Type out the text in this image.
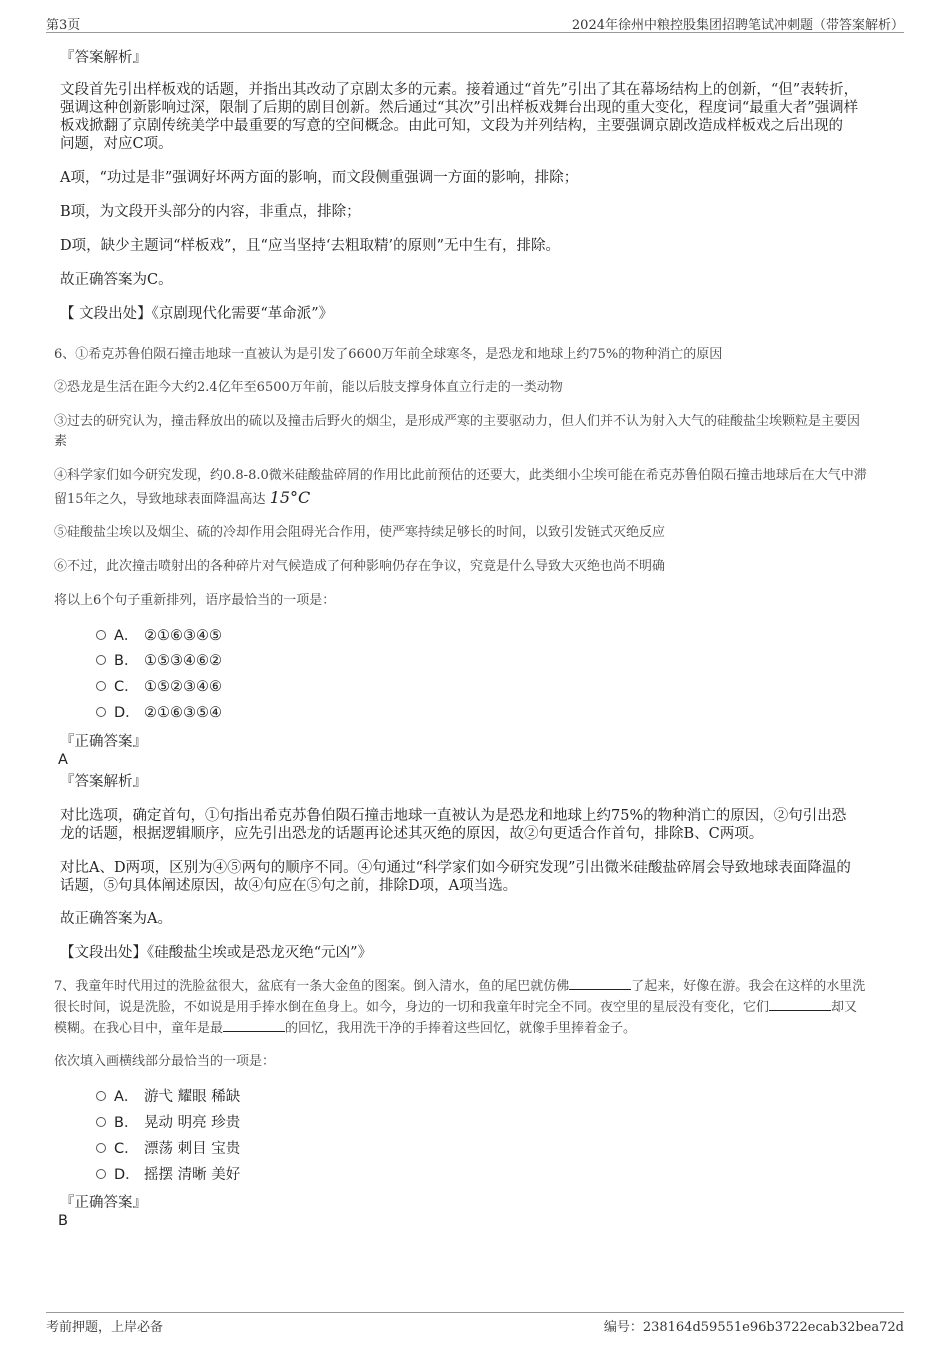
第3页	2024年徐州中粮控股集团招聘笔试冲刺题（带答案解析）
『答案解析』
文段首先引出样板戏的话题，并指出其改动了京剧太多的元素。接着通过“首先”引出了其在幕场结构上的创新，“但”表转折，
强调这种创新影响过深，限制了后期的剧目创新。然后通过“其次”引出样板戏舞台出现的重大变化，程度词“最重大者”强调样
板戏掀翻了京剧传统美学中最重要的写意的空间概念。由此可知，文段为并列结构，主要强调京剧改造成样板戏之后出现的
问题，对应C项。
A项，“功过是非”强调好坏两方面的影响，而文段侧重强调一方面的影响，排除；
B项，为文段开头部分的内容，非重点，排除；
D项，缺少主题词“样板戏”，且“应当坚持‘去粗取精’的原则”无中生有，排除。
故正确答案为C。
【 文段出处】《京剧现代化需要“革命派”》
6、①希克苏鲁伯陨石撞击地球一直被认为是引发了6600万年前全球寒冬，是恐龙和地球上约75%的物种消亡的原因
②恐龙是生活在距今大约2.4亿年至6500万年前，能以后肢支撑身体直立行走的一类动物
③过去的研究认为，撞击释放出的硫以及撞击后野火的烟尘，是形成严寒的主要驱动力，但人们并不认为射入大气的硅酸盐尘埃颗粒是主要因
素
④科学家们如今研究发现，约0.8-8.0微米硅酸盐碎屑的作用比此前预估的还要大，此类细小尘埃可能在希克苏鲁伯陨石撞击地球后在大气中滞
留15年之久，导致地球表面降温高达 15°C
⑤硅酸盐尘埃以及烟尘、硫的冷却作用会阻碍光合作用，使严寒持续足够长的时间，以致引发链式灭绝反应
⑥不过，此次撞击喷射出的各种碎片对气候造成了何种影响仍存在争议，究竟是什么导致大灭绝也尚不明确
将以上6个句子重新排列，语序最恰当的一项是：
A． ②①⑥③④⑤
B． ①⑤③④⑥②
C． ①⑤②③④⑥
D． ②①⑥③⑤④
『正确答案』
A
『答案解析』
对比选项，确定首句，①句指出希克苏鲁伯陨石撞击地球一直被认为是恐龙和地球上约75%的物种消亡的原因，②句引出恐
龙的话题，根据逻辑顺序，应先引出恐龙的话题再论述其灭绝的原因，故②句更适合作首句，排除B、C两项。
对比A、D两项，区别为④⑤两句的顺序不同。④句通过“科学家们如今研究发现”引出微米硅酸盐碎屑会导致地球表面降温的
话题，⑤句具体阐述原因，故④句应在⑤句之前，排除D项，A项当选。
故正确答案为A。
【文段出处】《硅酸盐尘埃或是恐龙灭绝“元凶”》
7、我童年时代用过的洗脸盆很大，盆底有一条大金鱼的图案。倒入清水，鱼的尾巴就仿佛	了起来，好像在游。我会在这样的水里洗
很长时间，说是洗脸，不如说是用手捧水倒在鱼身上。如今，身边的一切和我童年时完全不同。夜空里的星辰没有变化，它们	却又
模糊。在我心目中，童年是最	的回忆，我用洗干净的手捧着这些回忆，就像手里捧着金子。
依次填入画横线部分最恰当的一项是：
A． 游弋 耀眼 稀缺
B． 晃动 明亮 珍贵
C． 漂荡 刺目 宝贵
D． 摇摆 清晰 美好
『正确答案』
B
考前押题，上岸必备	编号：238164d59551e96b3722ecab32bea72d
